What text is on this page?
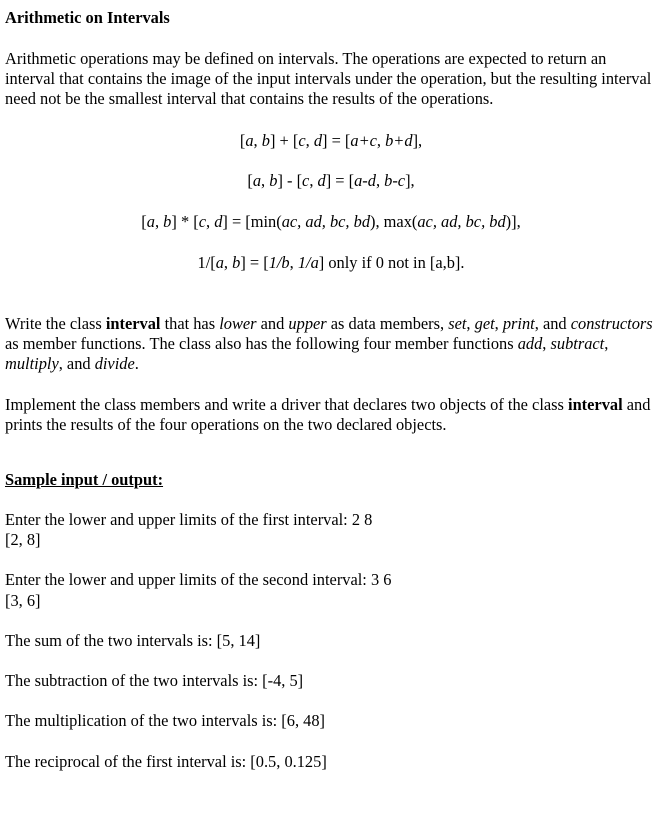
Arithmetic on Intervals
Arithmetic operations may be defined on intervals. The operations are expected to return an interval that contains the image of the input intervals under the operation, but the resulting interval need not be the smallest interval that contains the results of the operations.
[a, b] + [c, d] = [a+c, b+d],
[a, b] - [c, d] = [a-d, b-c],
[a, b] * [c, d] = [min(ac, ad, bc, bd), max(ac, ad, bc, bd)],
1/[a, b] = [1/b, 1/a] only if 0 not in [a,b].
Write the class interval that has lower and upper as data members, set, get, print, and constructors as member functions. The class also has the following four member functions add, subtract, multiply, and divide.
Implement the class members and write a driver that declares two objects of the class interval and prints the results of the four operations on the two declared objects.
Sample input / output:
Enter the lower and upper limits of the first interval: 2 8
[2, 8]
Enter the lower and upper limits of the second interval: 3 6
[3, 6]
The sum of the two intervals is: [5, 14]
The subtraction of the two intervals is: [-4, 5]
The multiplication of the two intervals is: [6, 48]
The reciprocal of the first interval is: [0.5, 0.125]
